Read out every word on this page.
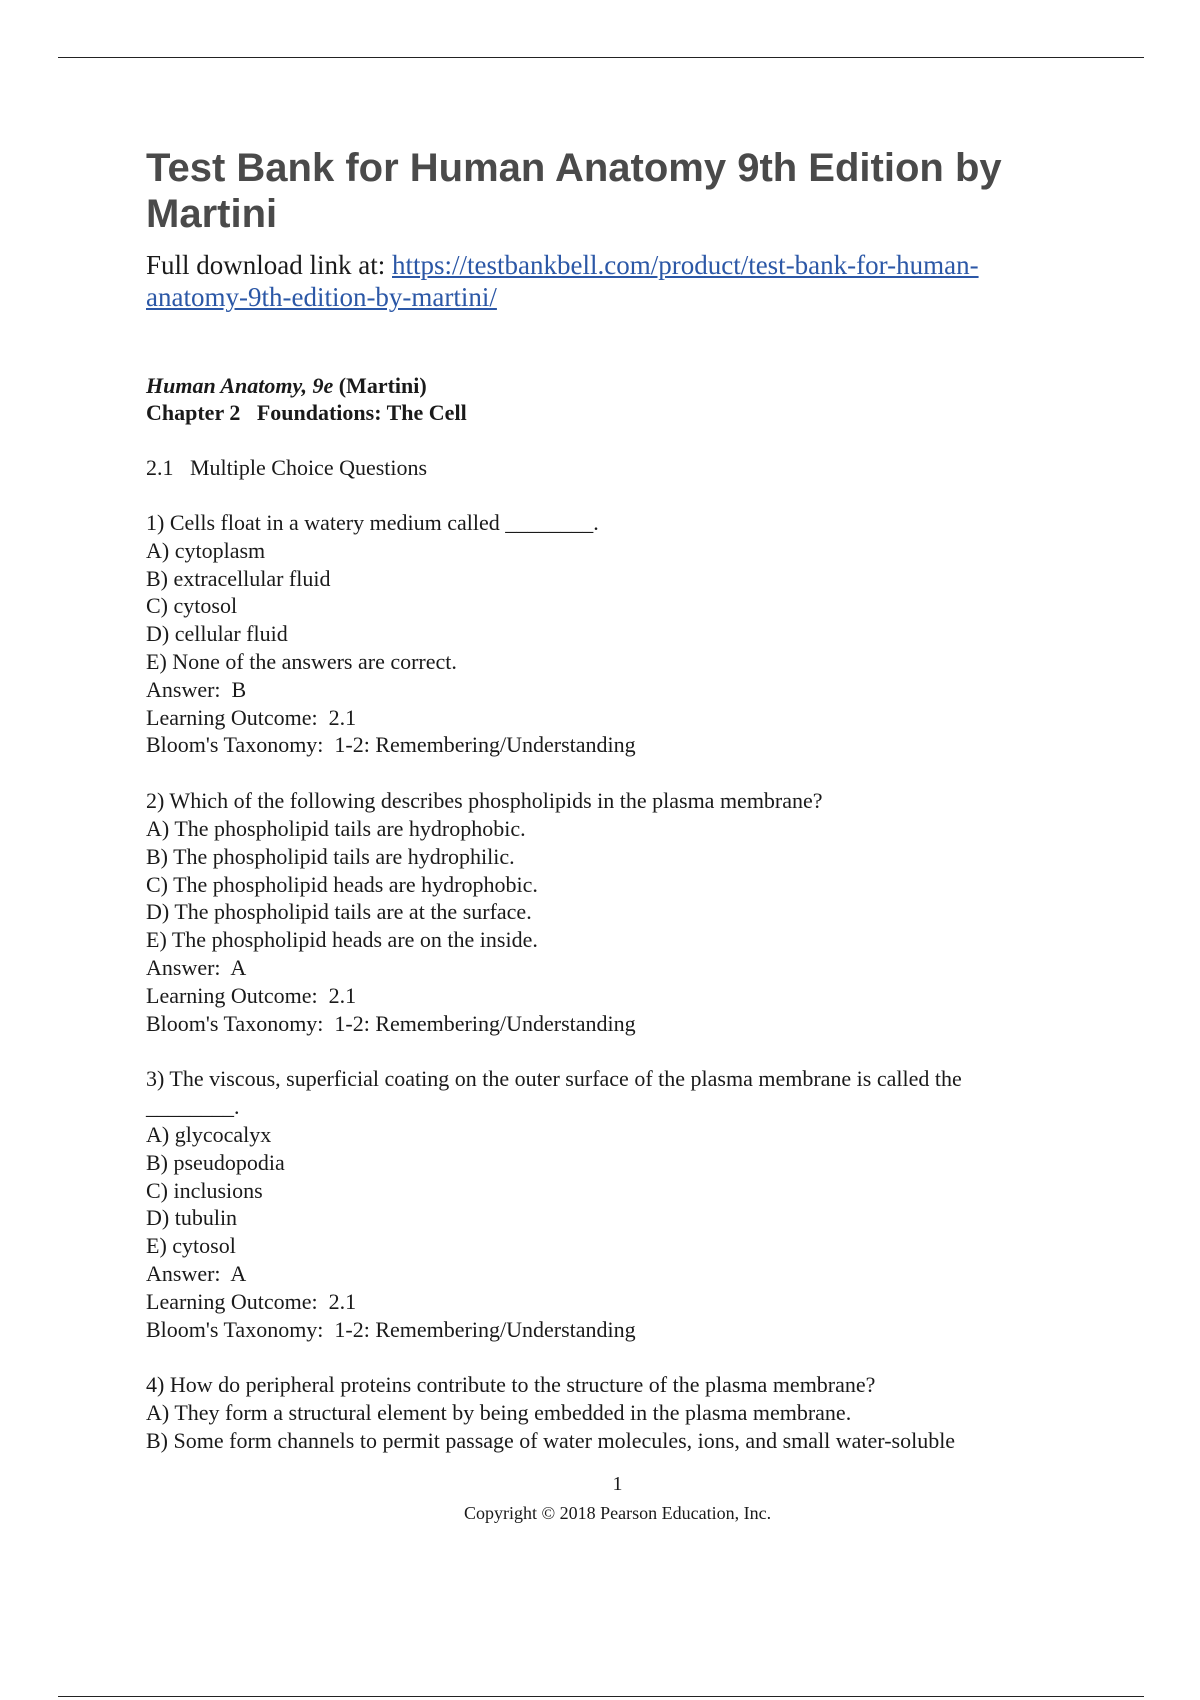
Test Bank for Human Anatomy 9th Edition by Martini
Full download link at: https://testbankbell.com/product/test-bank-for-human-
anatomy-9th-edition-by-martini/
Human Anatomy, 9e (Martini)
Chapter 2   Foundations: The Cell
2.1   Multiple Choice Questions
1) Cells float in a watery medium called ________.
A) cytoplasm
B) extracellular fluid
C) cytosol
D) cellular fluid
E) None of the answers are correct.
Answer:  B
Learning Outcome:  2.1
Bloom's Taxonomy:  1-2: Remembering/Understanding
2) Which of the following describes phospholipids in the plasma membrane?
A) The phospholipid tails are hydrophobic.
B) The phospholipid tails are hydrophilic.
C) The phospholipid heads are hydrophobic.
D) The phospholipid tails are at the surface.
E) The phospholipid heads are on the inside.
Answer:  A
Learning Outcome:  2.1
Bloom's Taxonomy:  1-2: Remembering/Understanding
3) The viscous, superficial coating on the outer surface of the plasma membrane is called the
________.
A) glycocalyx
B) pseudopodia
C) inclusions
D) tubulin
E) cytosol
Answer:  A
Learning Outcome:  2.1
Bloom's Taxonomy:  1-2: Remembering/Understanding
4) How do peripheral proteins contribute to the structure of the plasma membrane?
A) They form a structural element by being embedded in the plasma membrane.
B) Some form channels to permit passage of water molecules, ions, and small water-soluble
1
Copyright © 2018 Pearson Education, Inc.
